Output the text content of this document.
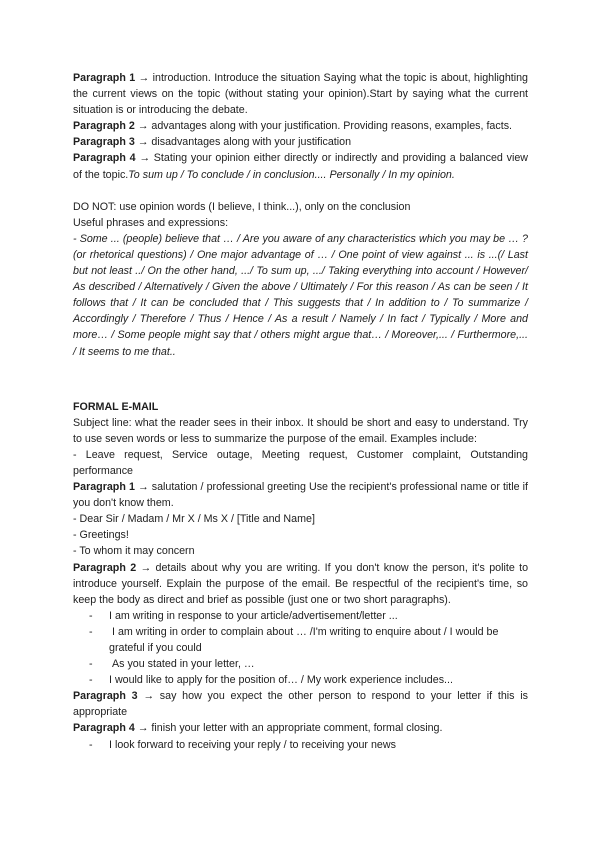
Paragraph 1 → introduction. Introduce the situation Saying what the topic is about, highlighting the current views on the topic (without stating your opinion).Start by saying what the current situation is or introducing the debate.

Paragraph 2 → advantages along with your justification. Providing reasons, examples, facts.

Paragraph 3 → disadvantages along with your justification

Paragraph 4 → Stating your opinion either directly or indirectly and providing a balanced view of the topic.To sum up / To conclude / in conclusion.... Personally / In my opinion.

DO NOT: use opinion words (I believe, I think...), only on the conclusion

Useful phrases and expressions:

- Some ... (people) believe that … / Are you aware of any characteristics which you may be … ? (or rhetorical questions) / One major advantage of … / One point of view against ... is ...(/ Last but not least ../ On the other hand, .../ To sum up, .../ Taking everything into account / However/ As described / Alternatively / Given the above / Ultimately / For this reason / As can be seen / It follows that / It can be concluded that / This suggests that / In addition to / To summarize / Accordingly / Therefore / Thus / Hence / As a result / Namely / In fact / Typically / More and more… / Some people might say that / others might argue that… / Moreover,... / Furthermore,... / It seems to me that..

FORMAL E-MAIL

Subject line: what the reader sees in their inbox. It should be short and easy to understand. Try to use seven words or less to summarize the purpose of the email. Examples include:

- Leave request, Service outage, Meeting request, Customer complaint, Outstanding performance

Paragraph 1 → salutation / professional greeting Use the recipient's professional name or title if you don't know them.

- Dear Sir / Madam / Mr X / Ms X / [Title and Name]

- Greetings!

- To whom it may concern

Paragraph 2 → details about why you are writing. If you don't know the person, it's polite to introduce yourself. Explain the purpose of the email. Be respectful of the recipient's time, so keep the body as direct and brief as possible (just one or two short paragraphs).

- I am writing in response to your article/advertisement/letter ...

- I am writing in order to complain about … /I'm writing to enquire about / I would be grateful if you could

- As you stated in your letter, …

- I would like to apply for the position of… / My work experience includes...

Paragraph 3 → say how you expect the other person to respond to your letter if this is appropriate

Paragraph 4 → finish your letter with an appropriate comment, formal closing.

- I look forward to receiving your reply / to receiving your news
